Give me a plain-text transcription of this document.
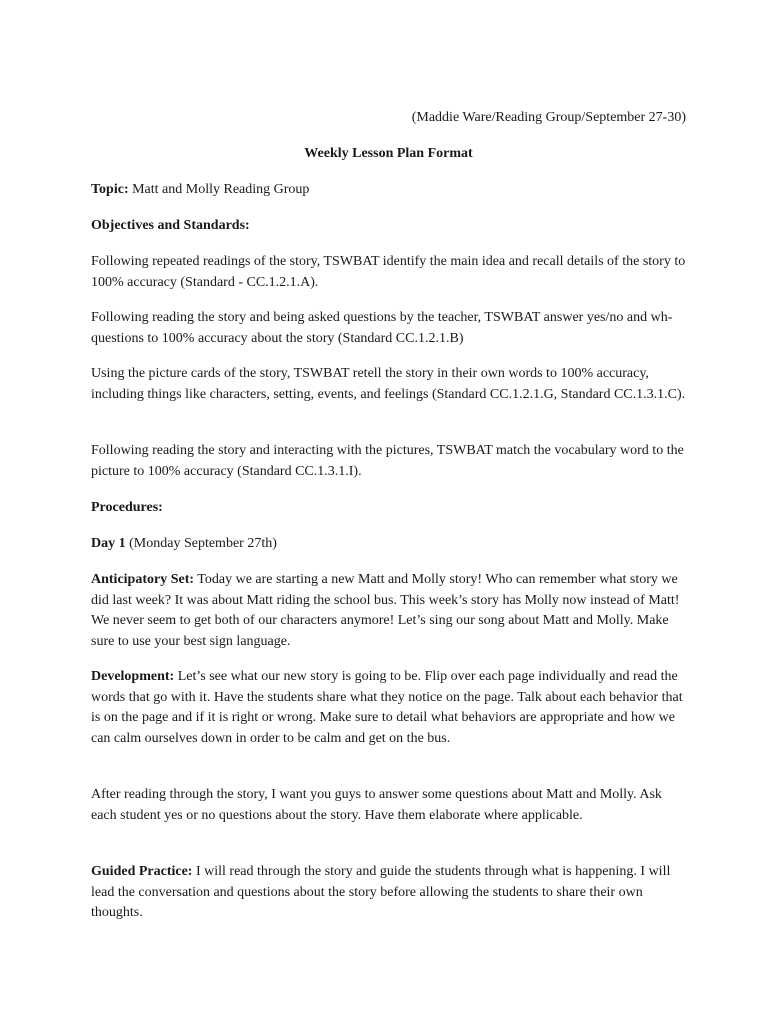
(Maddie Ware/Reading Group/September 27-30)
Weekly Lesson Plan Format

Topic: Matt and Molly Reading Group

Objectives and Standards:

Following repeated readings of the story, TSWBAT identify the main idea and recall details of the story to 100% accuracy (Standard - CC.1.2.1.A).

Following reading the story and being asked questions by the teacher, TSWBAT answer yes/no and wh- questions to 100% accuracy about the story (Standard CC.1.2.1.B)

Using the picture cards of the story, TSWBAT retell the story in their own words to 100% accuracy, including things like characters, setting, events, and feelings (Standard CC.1.2.1.G, Standard CC.1.3.1.C).

Following reading the story and interacting with the pictures, TSWBAT match the vocabulary word to the picture to 100% accuracy (Standard CC.1.3.1.I).

Procedures:

Day 1 (Monday September 27th)

Anticipatory Set: Today we are starting a new Matt and Molly story! Who can remember what story we did last week? It was about Matt riding the school bus. This week’s story has Molly now instead of Matt! We never seem to get both of our characters anymore! Let’s sing our song about Matt and Molly. Make sure to use your best sign language.

Development: Let’s see what our new story is going to be. Flip over each page individually and read the words that go with it. Have the students share what they notice on the page. Talk about each behavior that is on the page and if it is right or wrong. Make sure to detail what behaviors are appropriate and how we can calm ourselves down in order to be calm and get on the bus.

After reading through the story, I want you guys to answer some questions about Matt and Molly. Ask each student yes or no questions about the story. Have them elaborate where applicable.

Guided Practice: I will read through the story and guide the students through what is happening. I will lead the conversation and questions about the story before allowing the students to share their own thoughts.
